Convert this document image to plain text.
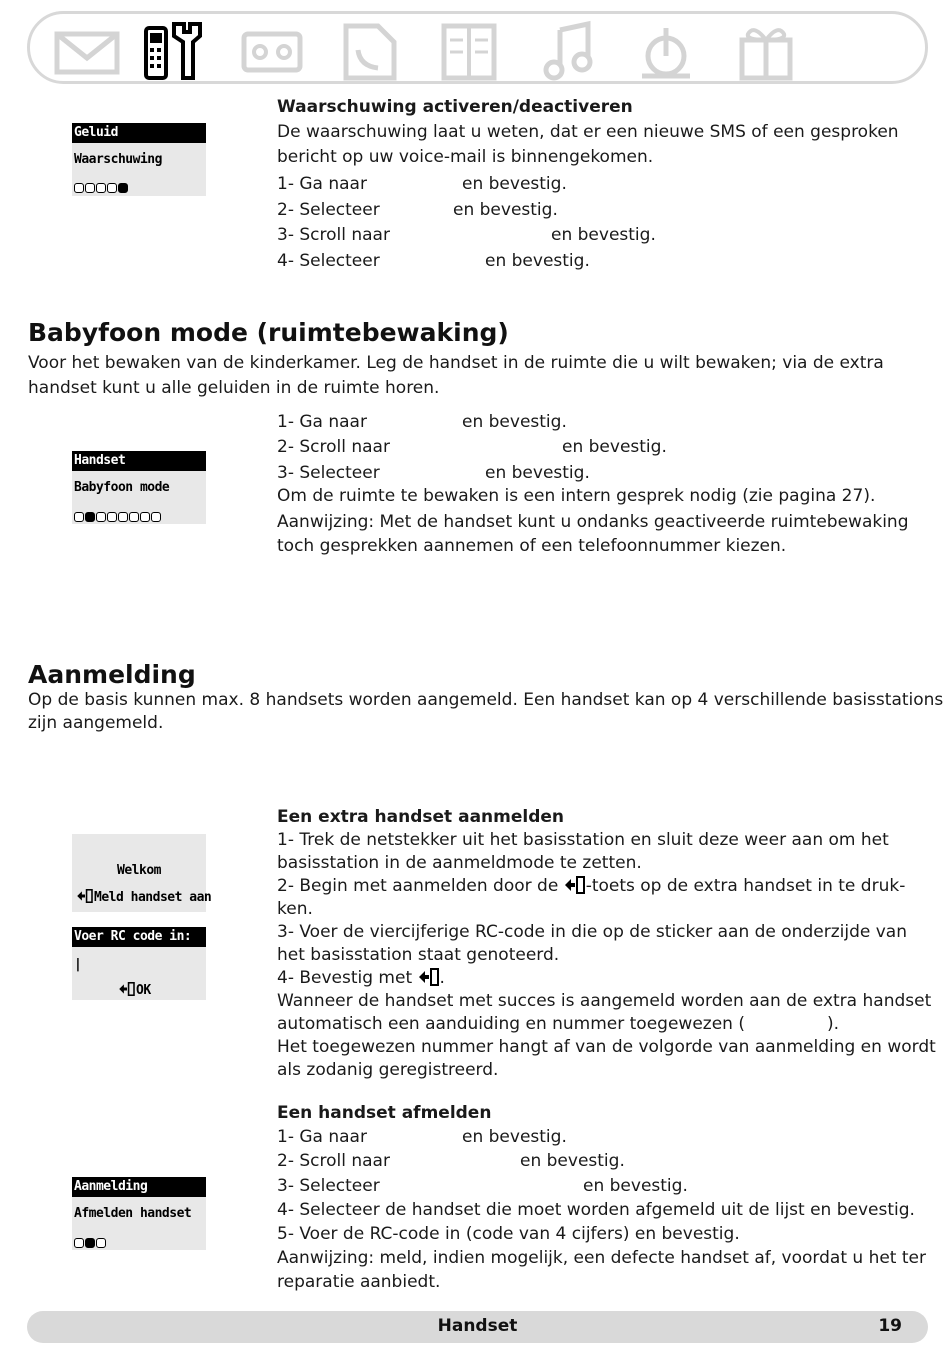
Waarschuwing activeren/deactiveren
De waarschuwing laat u weten, dat er een nieuwe SMS of een gesproken
bericht op uw voice-mail is binnengekomen.
1- Ga naar	en bevestig.
2- Selecteer	en bevestig.
3- Scroll naar	en bevestig.
4- Selecteer	en bevestig.
Geluid
Waarschuwing
Babyfoon mode (ruimtebewaking)
Voor het bewaken van de kinderkamer. Leg de handset in de ruimte die u wilt bewaken; via de extra
handset kunt u alle geluiden in de ruimte horen.
1- Ga naar	en bevestig.
2- Scroll naar	en bevestig.
3- Selecteer	en bevestig.
Om de ruimte te bewaken is een intern gesprek nodig (zie pagina 27).
Aanwijzing: Met de handset kunt u ondanks geactiveerde ruimtebewaking
toch gesprekken aannemen of een telefoonnummer kiezen.
Handset
Babyfoon mode
Aanmelding
Op de basis kunnen max. 8 handsets worden aangemeld. Een handset kan op 4 verschillende basisstations
zijn aangemeld.
Een extra handset aanmelden
1- Trek de netstekker uit het basisstation en sluit deze weer aan om het
basisstation in de aanmeldmode te zetten.
2- Begin met aanmelden door de -toets op de extra handset in te druk-
ken.
3- Voer de viercijferige RC-code in die op de sticker aan de onderzijde van
het basisstation staat genoteerd.
4- Bevestig met .
Wanneer de handset met succes is aangemeld worden aan de extra handset
automatisch een aanduiding en nummer toegewezen (	).
Het toegewezen nummer hangt af van de volgorde van aanmelding en wordt
als zodanig geregistreerd.
Welkom
Meld handset aan
Voer RC code in:
|
OK
Een handset afmelden
1- Ga naar	en bevestig.
2- Scroll naar	en bevestig.
3- Selecteer	en bevestig.
4- Selecteer de handset die moet worden afgemeld uit de lijst en bevestig.
5- Voer de RC-code in (code van 4 cijfers) en bevestig.
Aanwijzing: meld, indien mogelijk, een defecte handset af, voordat u het ter
reparatie aanbiedt.
Aanmelding
Afmelden handset
Handset	19
